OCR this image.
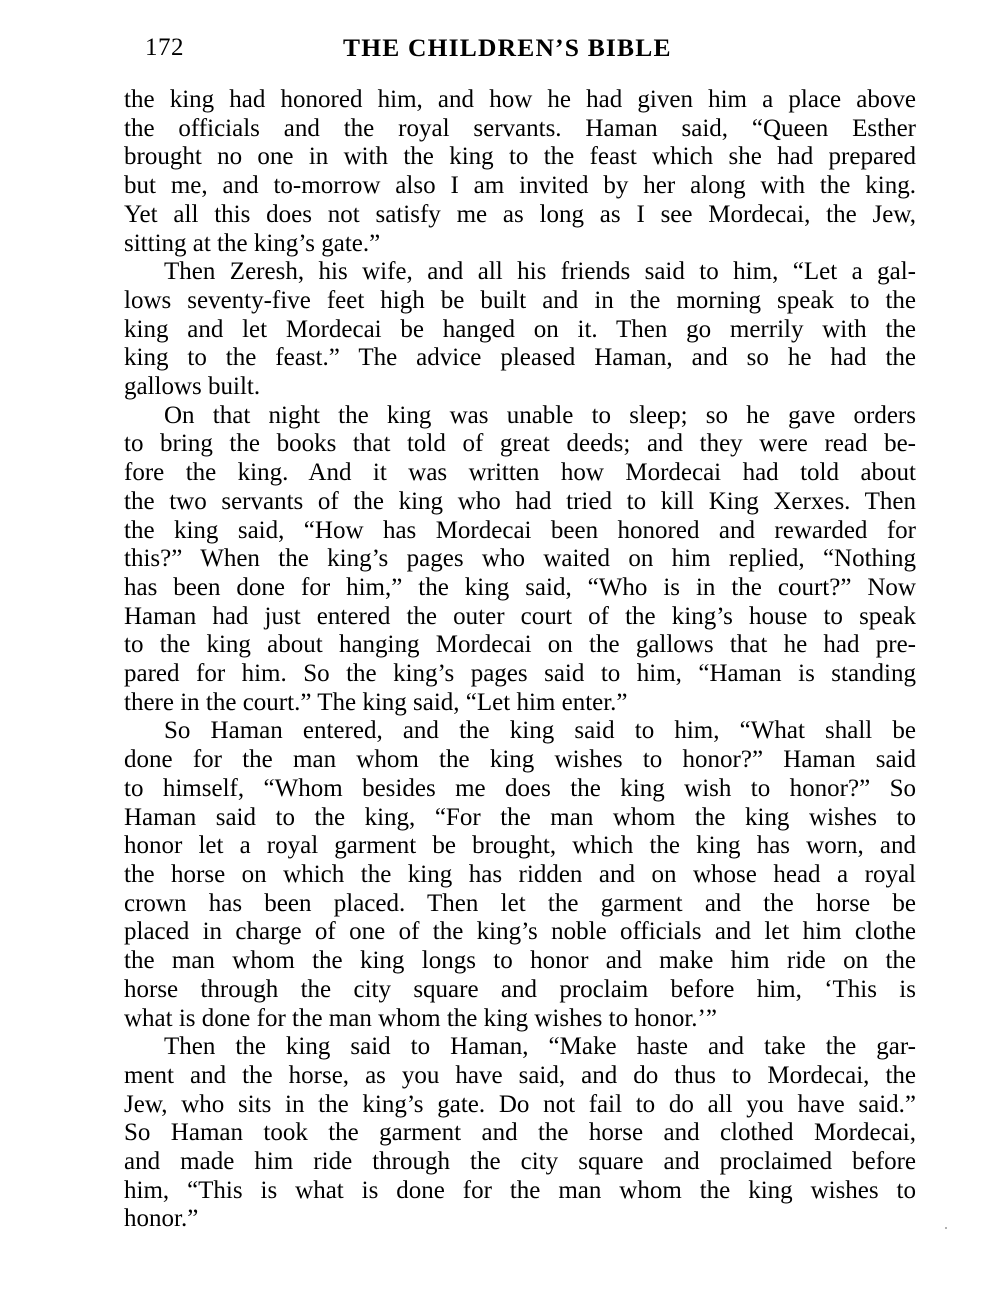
172	THE CHILDREN’S BIBLE

the king had honored him, and how he had given him a place above
the officials and the royal servants. Haman said, “Queen Esther
brought no one in with the king to the feast which she had prepared
but me, and to-morrow also I am invited by her along with the king.
Yet all this does not satisfy me as long as I see Mordecai, the Jew,
sitting at the king’s gate.”

Then Zeresh, his wife, and all his friends said to him, “Let a gal-
lows seventy-five feet high be built and in the morning speak to the
king and let Mordecai be hanged on it. Then go merrily with the
king to the feast.” The advice pleased Haman, and so he had the
gallows built.

On that night the king was unable to sleep; so he gave orders
to bring the books that told of great deeds; and they were read be-
fore the king. And it was written how Mordecai had told about
the two servants of the king who had tried to kill King Xerxes. Then
the king said, “How has Mordecai been honored and rewarded for
this?” When the king’s pages who waited on him replied, “Nothing
has been done for him,” the king said, “Who is in the court?” Now
Haman had just entered the outer court of the king’s house to speak
to the king about hanging Mordecai on the gallows that he had pre-
pared for him. So the king’s pages said to him, “Haman is standing
there in the court.” The king said, “Let him enter.”

So Haman entered, and the king said to him, “What shall be
done for the man whom the king wishes to honor?” Haman said
to himself, “Whom besides me does the king wish to honor?” So
Haman said to the king, “For the man whom the king wishes to
honor let a royal garment be brought, which the king has worn, and
the horse on which the king has ridden and on whose head a royal
crown has been placed. Then let the garment and the horse be
placed in charge of one of the king’s noble officials and let him clothe
the man whom the king longs to honor and make him ride on the
horse through the city square and proclaim before him, ‘This is
what is done for the man whom the king wishes to honor.’”

Then the king said to Haman, “Make haste and take the gar-
ment and the horse, as you have said, and do thus to Mordecai, the
Jew, who sits in the king’s gate. Do not fail to do all you have said.”
So Haman took the garment and the horse and clothed Mordecai,
and made him ride through the city square and proclaimed before
him, “This is what is done for the man whom the king wishes to
honor.”
